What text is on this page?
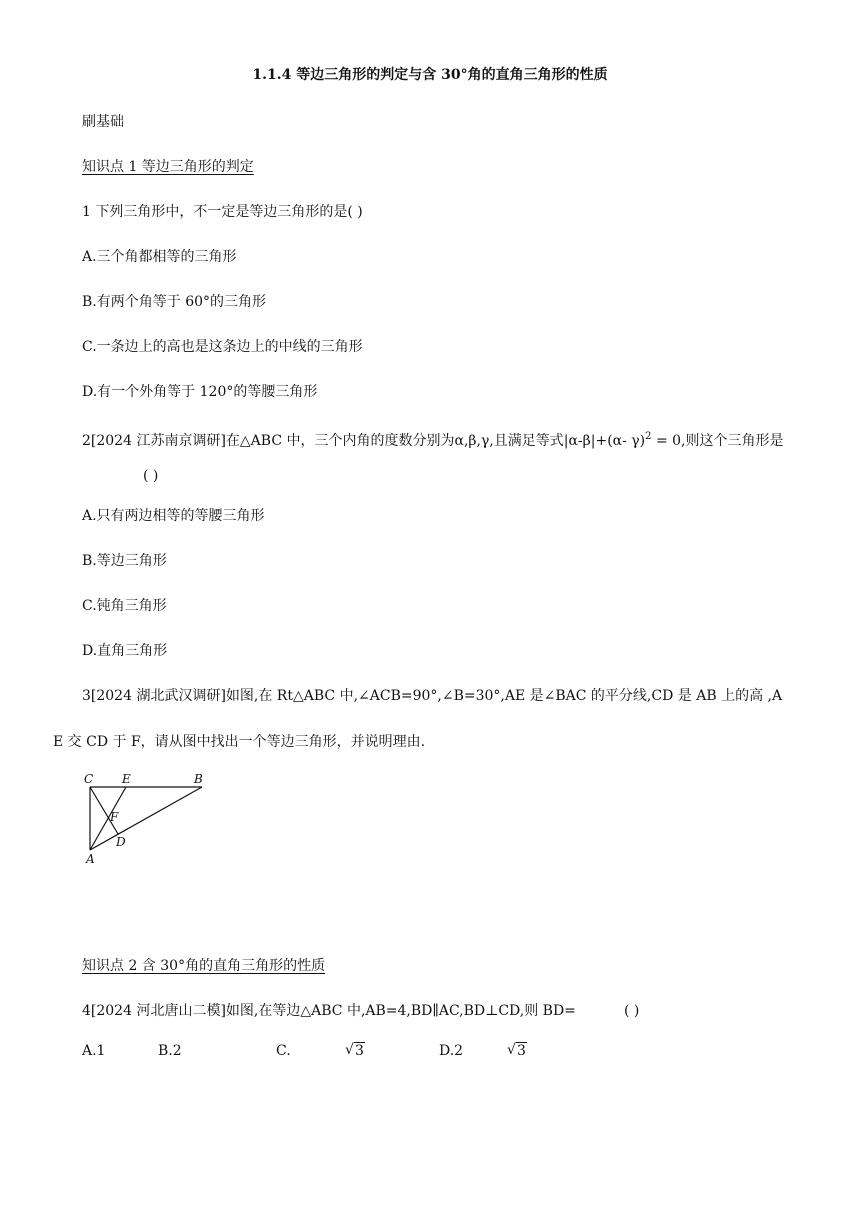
1.1.4 等边三角形的判定与含 30°角的直角三角形的性质
刷基础
知识点 1 等边三角形的判定
1 下列三角形中，不一定是等边三角形的是( )
A.三个角都相等的三角形
B.有两个角等于 60°的三角形
C.一条边上的高也是这条边上的中线的三角形
D.有一个外角等于 120°的等腰三角形
2[2024 江苏南京调研]在△ABC 中，三个内角的度数分别为α,β,γ,且满足等式|α-β|+(α- γ)$^2$ = 0,则这个三角形是
( )
A.只有两边相等的等腰三角形
B.等边三角形
C.钝角三角形
D.直角三角形
3[2024 湖北武汉调研]如图,在 Rt△ABC 中,∠ACB=90°,∠B=30°,AE 是∠BAC 的平分线,CD 是 AB 上的高 ,A
E 交 CD 于 F，请从图中找出一个等边三角形，并说明理由.
C E	B
F
D
A
知识点 2 含 30°角的直角三角形的性质
4[2024 河北唐山二模]如图,在等边△ABC 中,AB=4,BD∥AC,BD⊥CD,则 BD=	( )
A.1	B.2	C.	√ 3	D.2	√ 3
